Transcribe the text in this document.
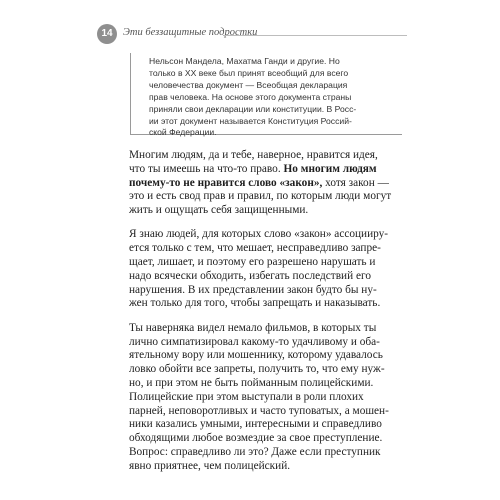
14 Эти беззащитные подростки
Нельсон Мандела, Махатма Ганди и другие. Но
только в XX веке был принят всеобщий для всего
человечества документ — Всеобщая декларация
прав человека. На основе этого документа страны
приняли свои декларации или конституции. В Росс-
ии этот документ называется Конституция Россий-
ской Федерации.

Многим людям, да и тебе, наверное, нравится идея,
что ты имеешь на что-то право. Но многим людям
почему-то не нравится слово «закон», хотя закон —
это и есть свод прав и правил, по которым люди могут
жить и ощущать себя защищенными.

Я знаю людей, для которых слово «закон» ассоцииру-
ется только с тем, что мешает, несправедливо запре-
щает, лишает, и поэтому его разрешено нарушать и
надо всячески обходить, избегать последствий его
нарушения. В их представлении закон будто бы ну-
жен только для того, чтобы запрещать и наказывать.

Ты наверняка видел немало фильмов, в которых ты
лично симпатизировал какому-то удачливому и оба-
ятельному вору или мошеннику, которому удавалось
ловко обойти все запреты, получить то, что ему нуж-
но, и при этом не быть пойманным полицейскими.
Полицейские при этом выступали в роли плохих
парней, неповоротливых и часто туповатых, а мошен-
ники казались умными, интересными и справедливо
обходящими любое возмездие за свое преступление.
Вопрос: справедливо ли это? Даже если преступник
явно приятнее, чем полицейский.
